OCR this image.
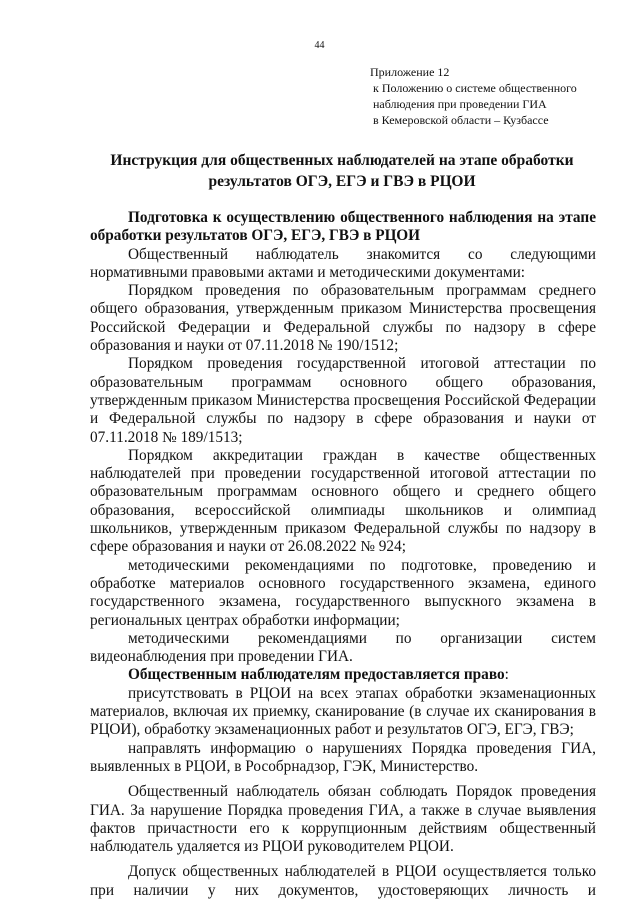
44
Приложение 12
к Положению о системе общественного
наблюдения при проведении ГИА
в Кемеровской области – Кузбассе
Инструкция для общественных наблюдателей на этапе обработки
результатов ОГЭ, ЕГЭ и ГВЭ в РЦОИ

Подготовка к осуществлению общественного наблюдения на этапе обработки результатов ОГЭ, ЕГЭ, ГВЭ в РЦОИ

Общественный наблюдатель знакомится со следующими нормативными правовыми актами и методическими документами:

Порядком проведения по образовательным программам среднего общего образования, утвержденным приказом Министерства просвещения Российской Федерации и Федеральной службы по надзору в сфере образования и науки от 07.11.2018 № 190/1512;

Порядком проведения государственной итоговой аттестации по образовательным программам основного общего образования, утвержденным приказом Министерства просвещения Российской Федерации и Федеральной службы по надзору в сфере образования и науки от 07.11.2018 № 189/1513;

Порядком аккредитации граждан в качестве общественных наблюдателей при проведении государственной итоговой аттестации по образовательным программам основного общего и среднего общего образования, всероссийской олимпиады школьников и олимпиад школьников, утвержденным приказом Федеральной службы по надзору в сфере образования и науки от 26.08.2022 № 924;

методическими рекомендациями по подготовке, проведению и обработке материалов основного государственного экзамена, единого государственного экзамена, государственного выпускного экзамена в региональных центрах обработки информации;

методическими рекомендациями по организации систем видеонаблюдения при проведении ГИА.

Общественным наблюдателям предоставляется право:

присутствовать в РЦОИ на всех этапах обработки экзаменационных материалов, включая их приемку, сканирование (в случае их сканирования в РЦОИ), обработку экзаменационных работ и результатов ОГЭ, ЕГЭ, ГВЭ;

направлять информацию о нарушениях Порядка проведения ГИА, выявленных в РЦОИ, в Рособрнадзор, ГЭК, Министерство.

Общественный наблюдатель обязан соблюдать Порядок проведения ГИА. За нарушение Порядка проведения ГИА, а также в случае выявления фактов причастности его к коррупционным действиям общественный наблюдатель удаляется из РЦОИ руководителем РЦОИ.

Допуск общественных наблюдателей в РЦОИ осуществляется только при наличии у них документов, удостоверяющих личность и
